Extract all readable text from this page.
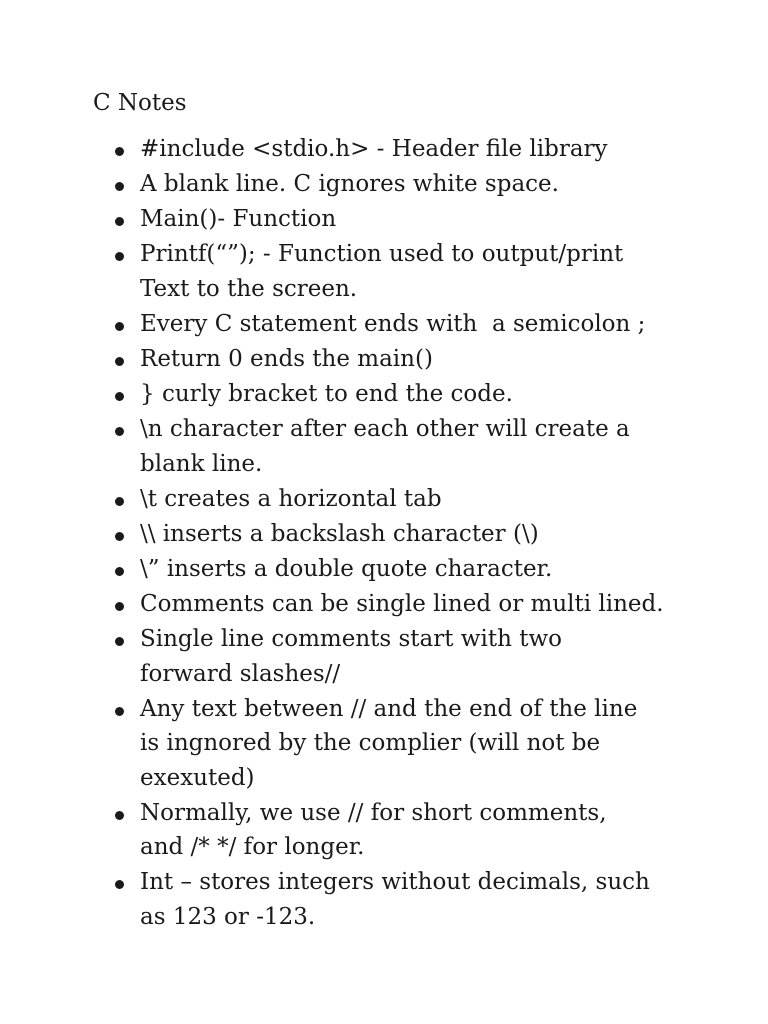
C Notes
#include <stdio.h> - Header file library
A blank line. C ignores white space.
Main()- Function
Printf(“”); - Function used to output/print
Text to the screen.
Every C statement ends with  a semicolon ;
Return 0 ends the main()
} curly bracket to end the code.
\n character after each other will create a
blank line.
\t creates a horizontal tab
\\ inserts a backslash character (\)
\” inserts a double quote character.
Comments can be single lined or multi lined.
Single line comments start with two
forward slashes//
Any text between // and the end of the line
is ingnored by the complier (will not be
exexuted)
Normally, we use // for short comments,
and /* */ for longer.
Int – stores integers without decimals, such
as 123 or -123.
